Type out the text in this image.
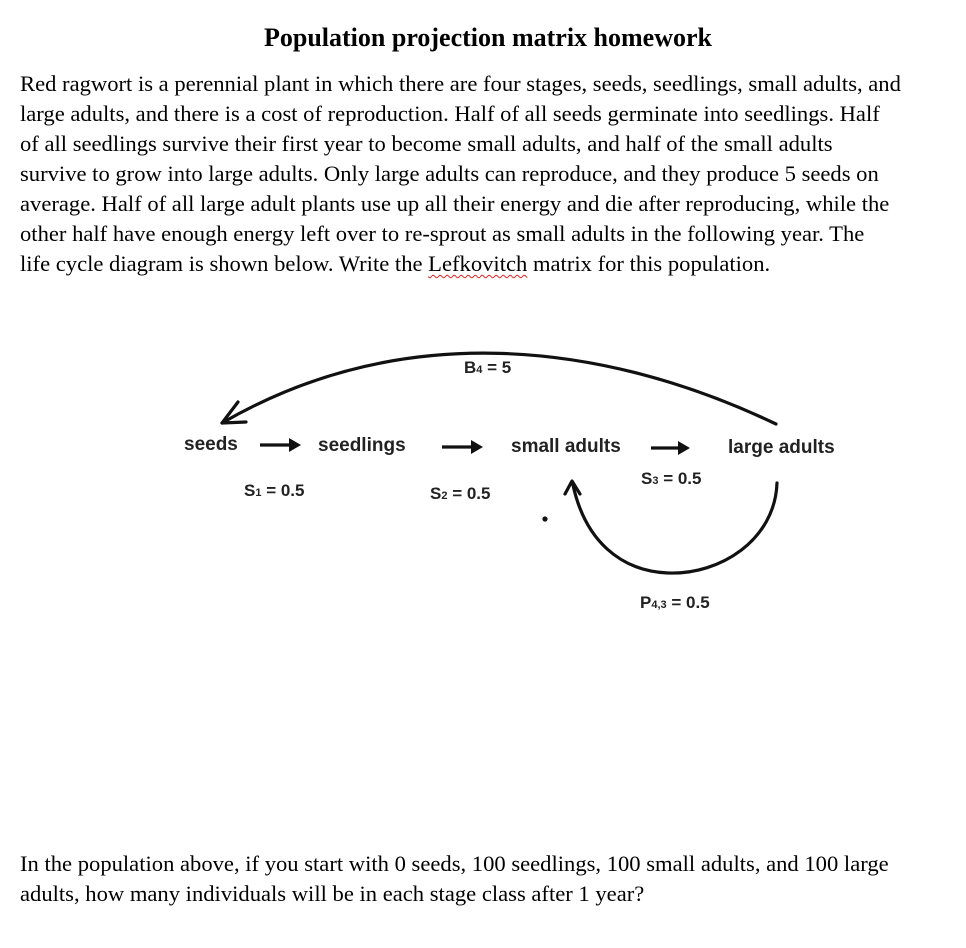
Population projection matrix homework
Red ragwort is a perennial plant in which there are four stages, seeds, seedlings, small adults, and
large adults, and there is a cost of reproduction. Half of all seeds germinate into seedlings. Half
of all seedlings survive their first year to become small adults, and half of the small adults
survive to grow into large adults. Only large adults can reproduce, and they produce 5 seeds on
average. Half of all large adult plants use up all their energy and die after reproducing, while the
other half have enough energy left over to re-sprout as small adults in the following year. The
life cycle diagram is shown below. Write the Lefkovitch matrix for this population.
seeds	seedlings	small adults	large adults
S1 = 0.5	S2 = 0.5
S3 = 0.5
B4 = 5
P4,3 = 0.5
In the population above, if you start with 0 seeds, 100 seedlings, 100 small adults, and 100 large
adults, how many individuals will be in each stage class after 1 year?
